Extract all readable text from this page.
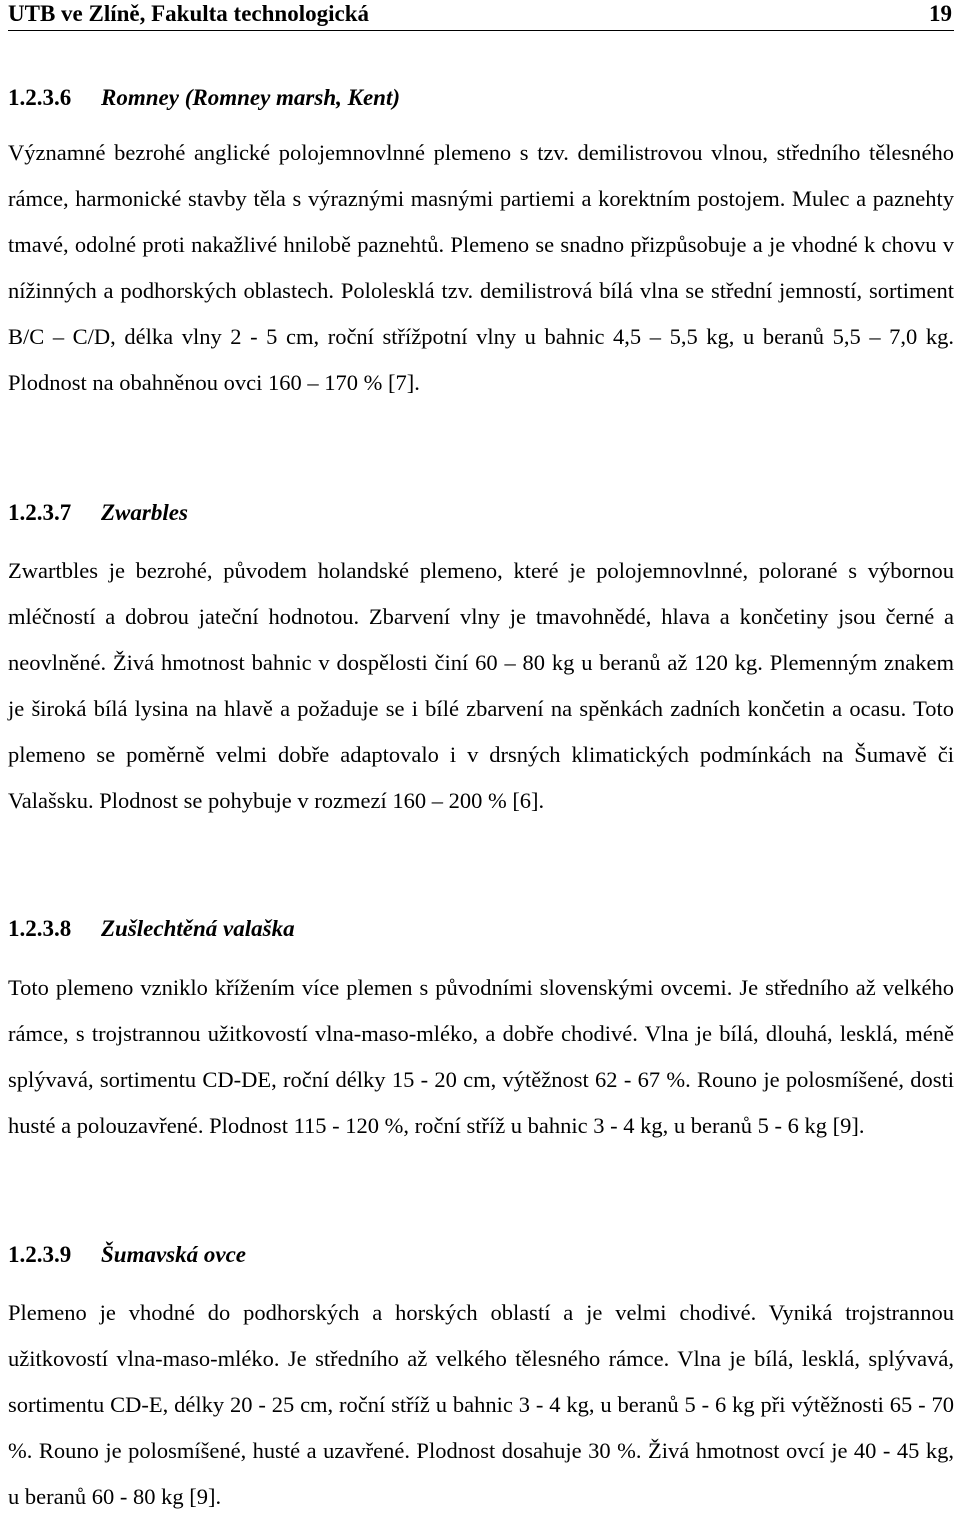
UTB ve Zlíně, Fakulta technologická	19
1.2.3.6 Romney (Romney marsh, Kent)

Významné bezrohé anglické polojemnovlnné plemeno s tzv. demilistrovou vlnou, středního tělesného rámce, harmonické stavby těla s výraznými masnými partiemi a korektním postojem. Mulec a paznehty tmavé, odolné proti nakažlivé hnilobě paznehtů. Plemeno se snadno přizpůsobuje a je vhodné k chovu v nížinných a podhorských oblastech. Pololesklá tzv. demilistrová bílá vlna se střední jemností, sortiment B/C – C/D, délka vlny 2 - 5 cm, roční střížpotní vlny u bahnic 4,5 – 5,5 kg, u beranů 5,5 – 7,0 kg. Plodnost na obahněnou ovci 160 – 170 % [7].

1.2.3.7 Zwarbles

Zwartbles je bezrohé, původem holandské plemeno, které je polojemnovlnné, polorané s výbornou mléčností a dobrou jateční hodnotou. Zbarvení vlny je tmavohnědé, hlava a končetiny jsou černé a neovlněné. Živá hmotnost bahnic v dospělosti činí 60 – 80 kg u beranů až 120 kg. Plemenným znakem je široká bílá lysina na hlavě a požaduje se i bílé zbarvení na spěnkách zadních končetin a ocasu. Toto plemeno se poměrně velmi dobře adaptovalo i v drsných klimatických podmínkách na Šumavě či Valašsku. Plodnost se pohybuje v rozmezí 160 – 200 % [6].

1.2.3.8 Zušlechtěná valaška

Toto plemeno vzniklo křížením více plemen s původními slovenskými ovcemi. Je středního až velkého rámce, s trojstrannou užitkovostí vlna-maso-mléko, a dobře chodivé. Vlna je bílá, dlouhá, lesklá, méně splývavá, sortimentu CD-DE, roční délky 15 - 20 cm, výtěžnost 62 - 67 %. Rouno je polosmíšené, dosti husté a polouzavřené. Plodnost 115 - 120 %, roční stříž u bahnic 3 - 4 kg, u beranů 5 - 6 kg [9].

1.2.3.9 Šumavská ovce

Plemeno je vhodné do podhorských a horských oblastí a je velmi chodivé. Vyniká trojstrannou užitkovostí vlna-maso-mléko. Je středního až velkého tělesného rámce. Vlna je bílá, lesklá, splývavá, sortimentu CD-E, délky 20 - 25 cm, roční stříž u bahnic 3 - 4 kg, u beranů 5 - 6 kg při výtěžnosti 65 - 70 %. Rouno je polosmíšené, husté a uzavřené. Plodnost dosahuje 30 %. Živá hmotnost ovcí je 40 - 45 kg, u beranů 60 - 80 kg [9].
